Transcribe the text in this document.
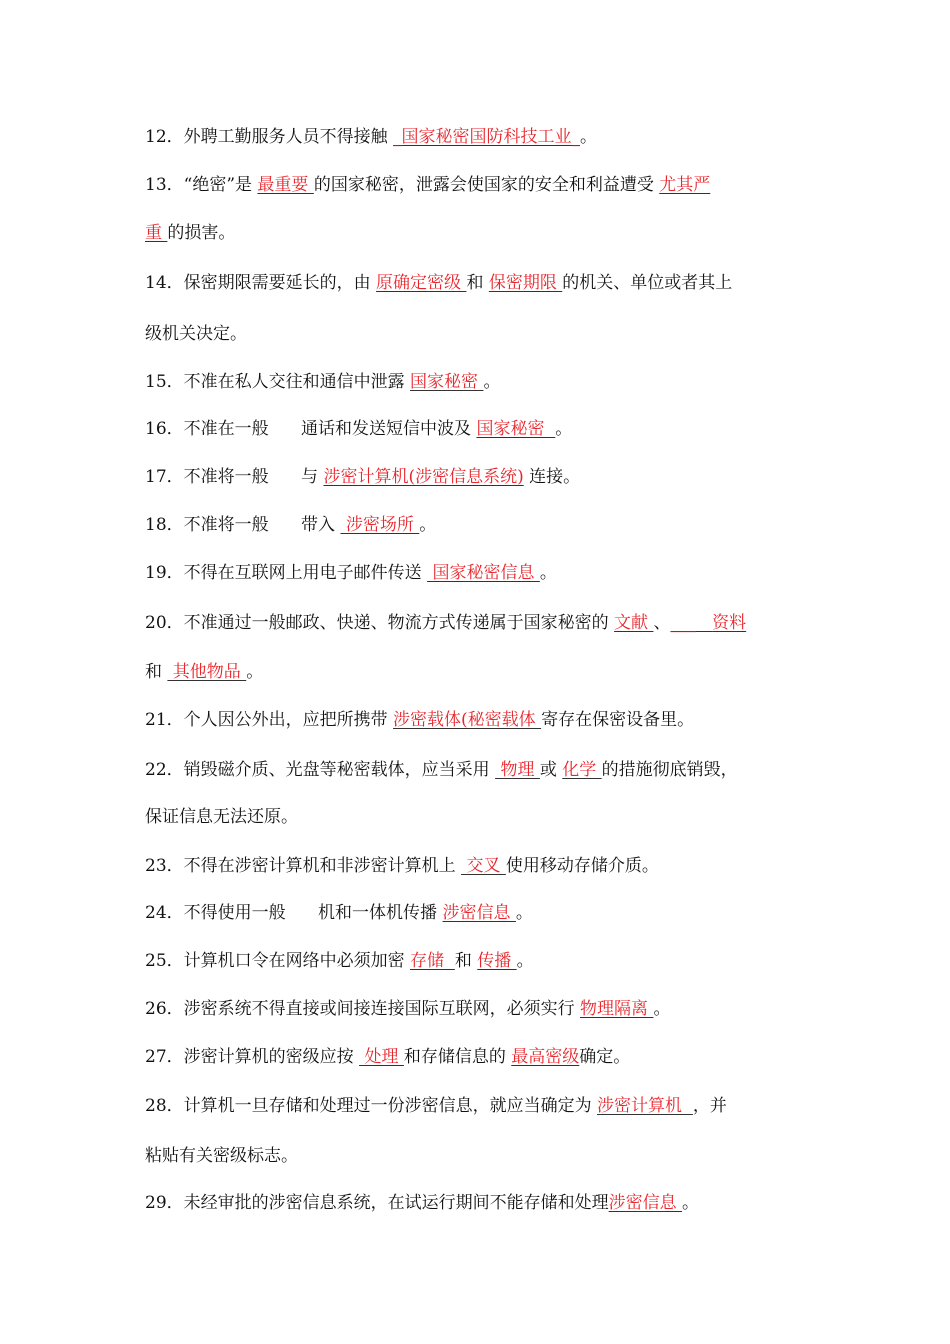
12．外聘工勤服务人员不得接触 _国家秘密国防科技工业_。
13．“绝密”是 最重要 的国家秘密，泄露会使国家的安全和利益遭受 尤其严
重 的损害。
14．保密期限需要延长的，由 原确定密级 和 保密期限 的机关、单位或者其上
级机关决定。
15．不准在私人交往和通信中泄露 国家秘密 。
16．不准在一般      通话和发送短信中波及 国家秘密  。
17．不准将一般      与 涉密计算机(涉密信息系统) 连接。
18．不准将一般      带入  涉密场所 。
19．不得在互联网上用电子邮件传送  国家秘密信息 。
20．不准通过一般邮政、快递、物流方式传递属于国家秘密的 文献 、___   资料
和  其他物品 。
21．个人因公外出，应把所携带 涉密载体(秘密载体 寄存在保密设备里。
22．销毁磁介质、光盘等秘密载体，应当采用  物理 或 化学 的措施彻底销毁，
保证信息无法还原。
23．不得在涉密计算机和非涉密计算机上  交叉 使用移动存储介质。
24．不得使用一般      机和一体机传播 涉密信息 。
25．计算机口令在网络中必须加密 存储  和 传播 。
26．涉密系统不得直接或间接连接国际互联网，必须实行 物理隔离 。
27．涉密计算机的密级应按  处理 和存储信息的 最高密级确定。
28．计算机一旦存储和处理过一份涉密信息，就应当确定为 涉密计算机  ，并
粘贴有关密级标志。
29．未经审批的涉密信息系统，在试运行期间不能存储和处理涉密信息 。
